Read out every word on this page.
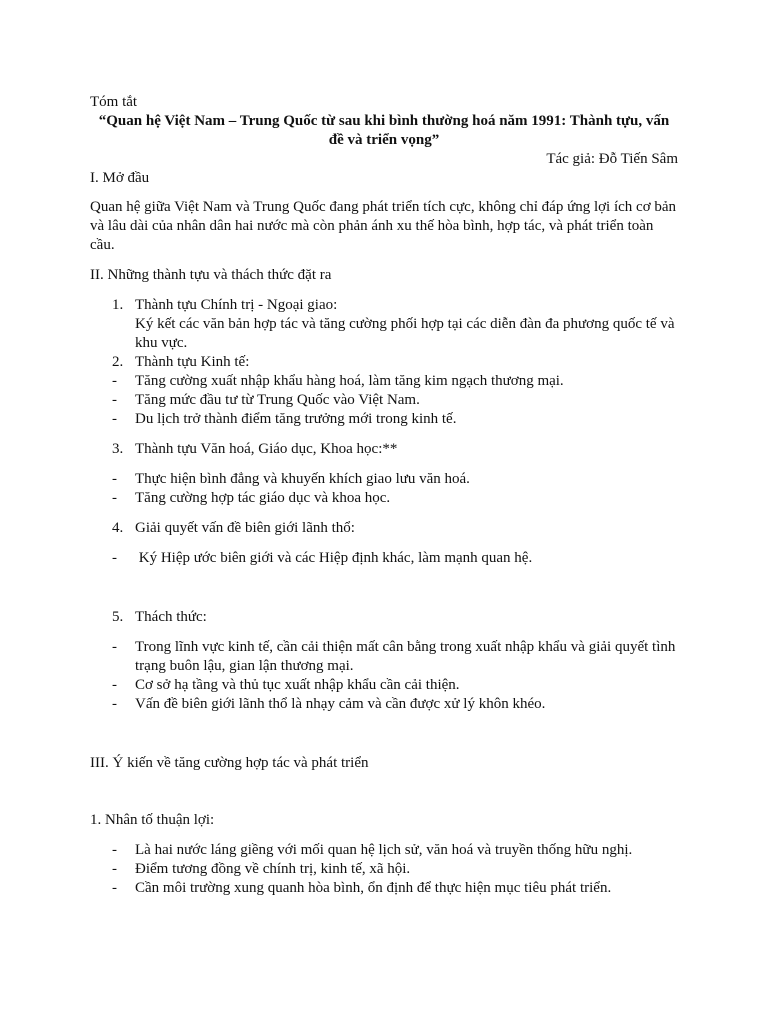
Tóm tắt
“Quan hệ Việt Nam – Trung Quốc từ sau khi bình thường hoá năm 1991: Thành tựu, vấn đề và triển vọng”
Tác giả: Đỗ Tiến Sâm
I. Mở đầu
Quan hệ giữa Việt Nam và Trung Quốc đang phát triển tích cực, không chỉ đáp ứng lợi ích cơ bản và lâu dài của nhân dân hai nước mà còn phản ánh xu thế hòa bình, hợp tác, và phát triển toàn cầu.
II. Những thành tựu và thách thức đặt ra
1. Thành tựu Chính trị - Ngoại giao:
Ký kết các văn bản hợp tác và tăng cường phối hợp tại các diễn đàn đa phương quốc tế và khu vực.
2. Thành tựu Kinh tế:
-	Tăng cường xuất nhập khẩu hàng hoá, làm tăng kim ngạch thương mại.
-	Tăng mức đầu tư từ Trung Quốc vào Việt Nam.
-	Du lịch trở thành điểm tăng trưởng mới trong kinh tế.
3. Thành tựu Văn hoá, Giáo dục, Khoa học:**
-	Thực hiện bình đẳng và khuyến khích giao lưu văn hoá.
-	Tăng cường hợp tác giáo dục và khoa học.
4. Giải quyết vấn đề biên giới lãnh thổ:
-	Ký Hiệp ước biên giới và các Hiệp định khác, làm mạnh quan hệ.
5. Thách thức:
-	Trong lĩnh vực kinh tế, cần cải thiện mất cân bằng trong xuất nhập khẩu và giải quyết tình trạng buôn lậu, gian lận thương mại.
-	Cơ sở hạ tầng và thủ tục xuất nhập khẩu cần cải thiện.
-	Vấn đề biên giới lãnh thổ là nhạy cảm và cần được xử lý khôn khéo.
III. Ý kiến về tăng cường hợp tác và phát triển
1. Nhân tố thuận lợi:
-	Là hai nước láng giềng với mối quan hệ lịch sử, văn hoá và truyền thống hữu nghị.
-	Điểm tương đồng về chính trị, kinh tế, xã hội.
-	Cần môi trường xung quanh hòa bình, ổn định để thực hiện mục tiêu phát triển.
